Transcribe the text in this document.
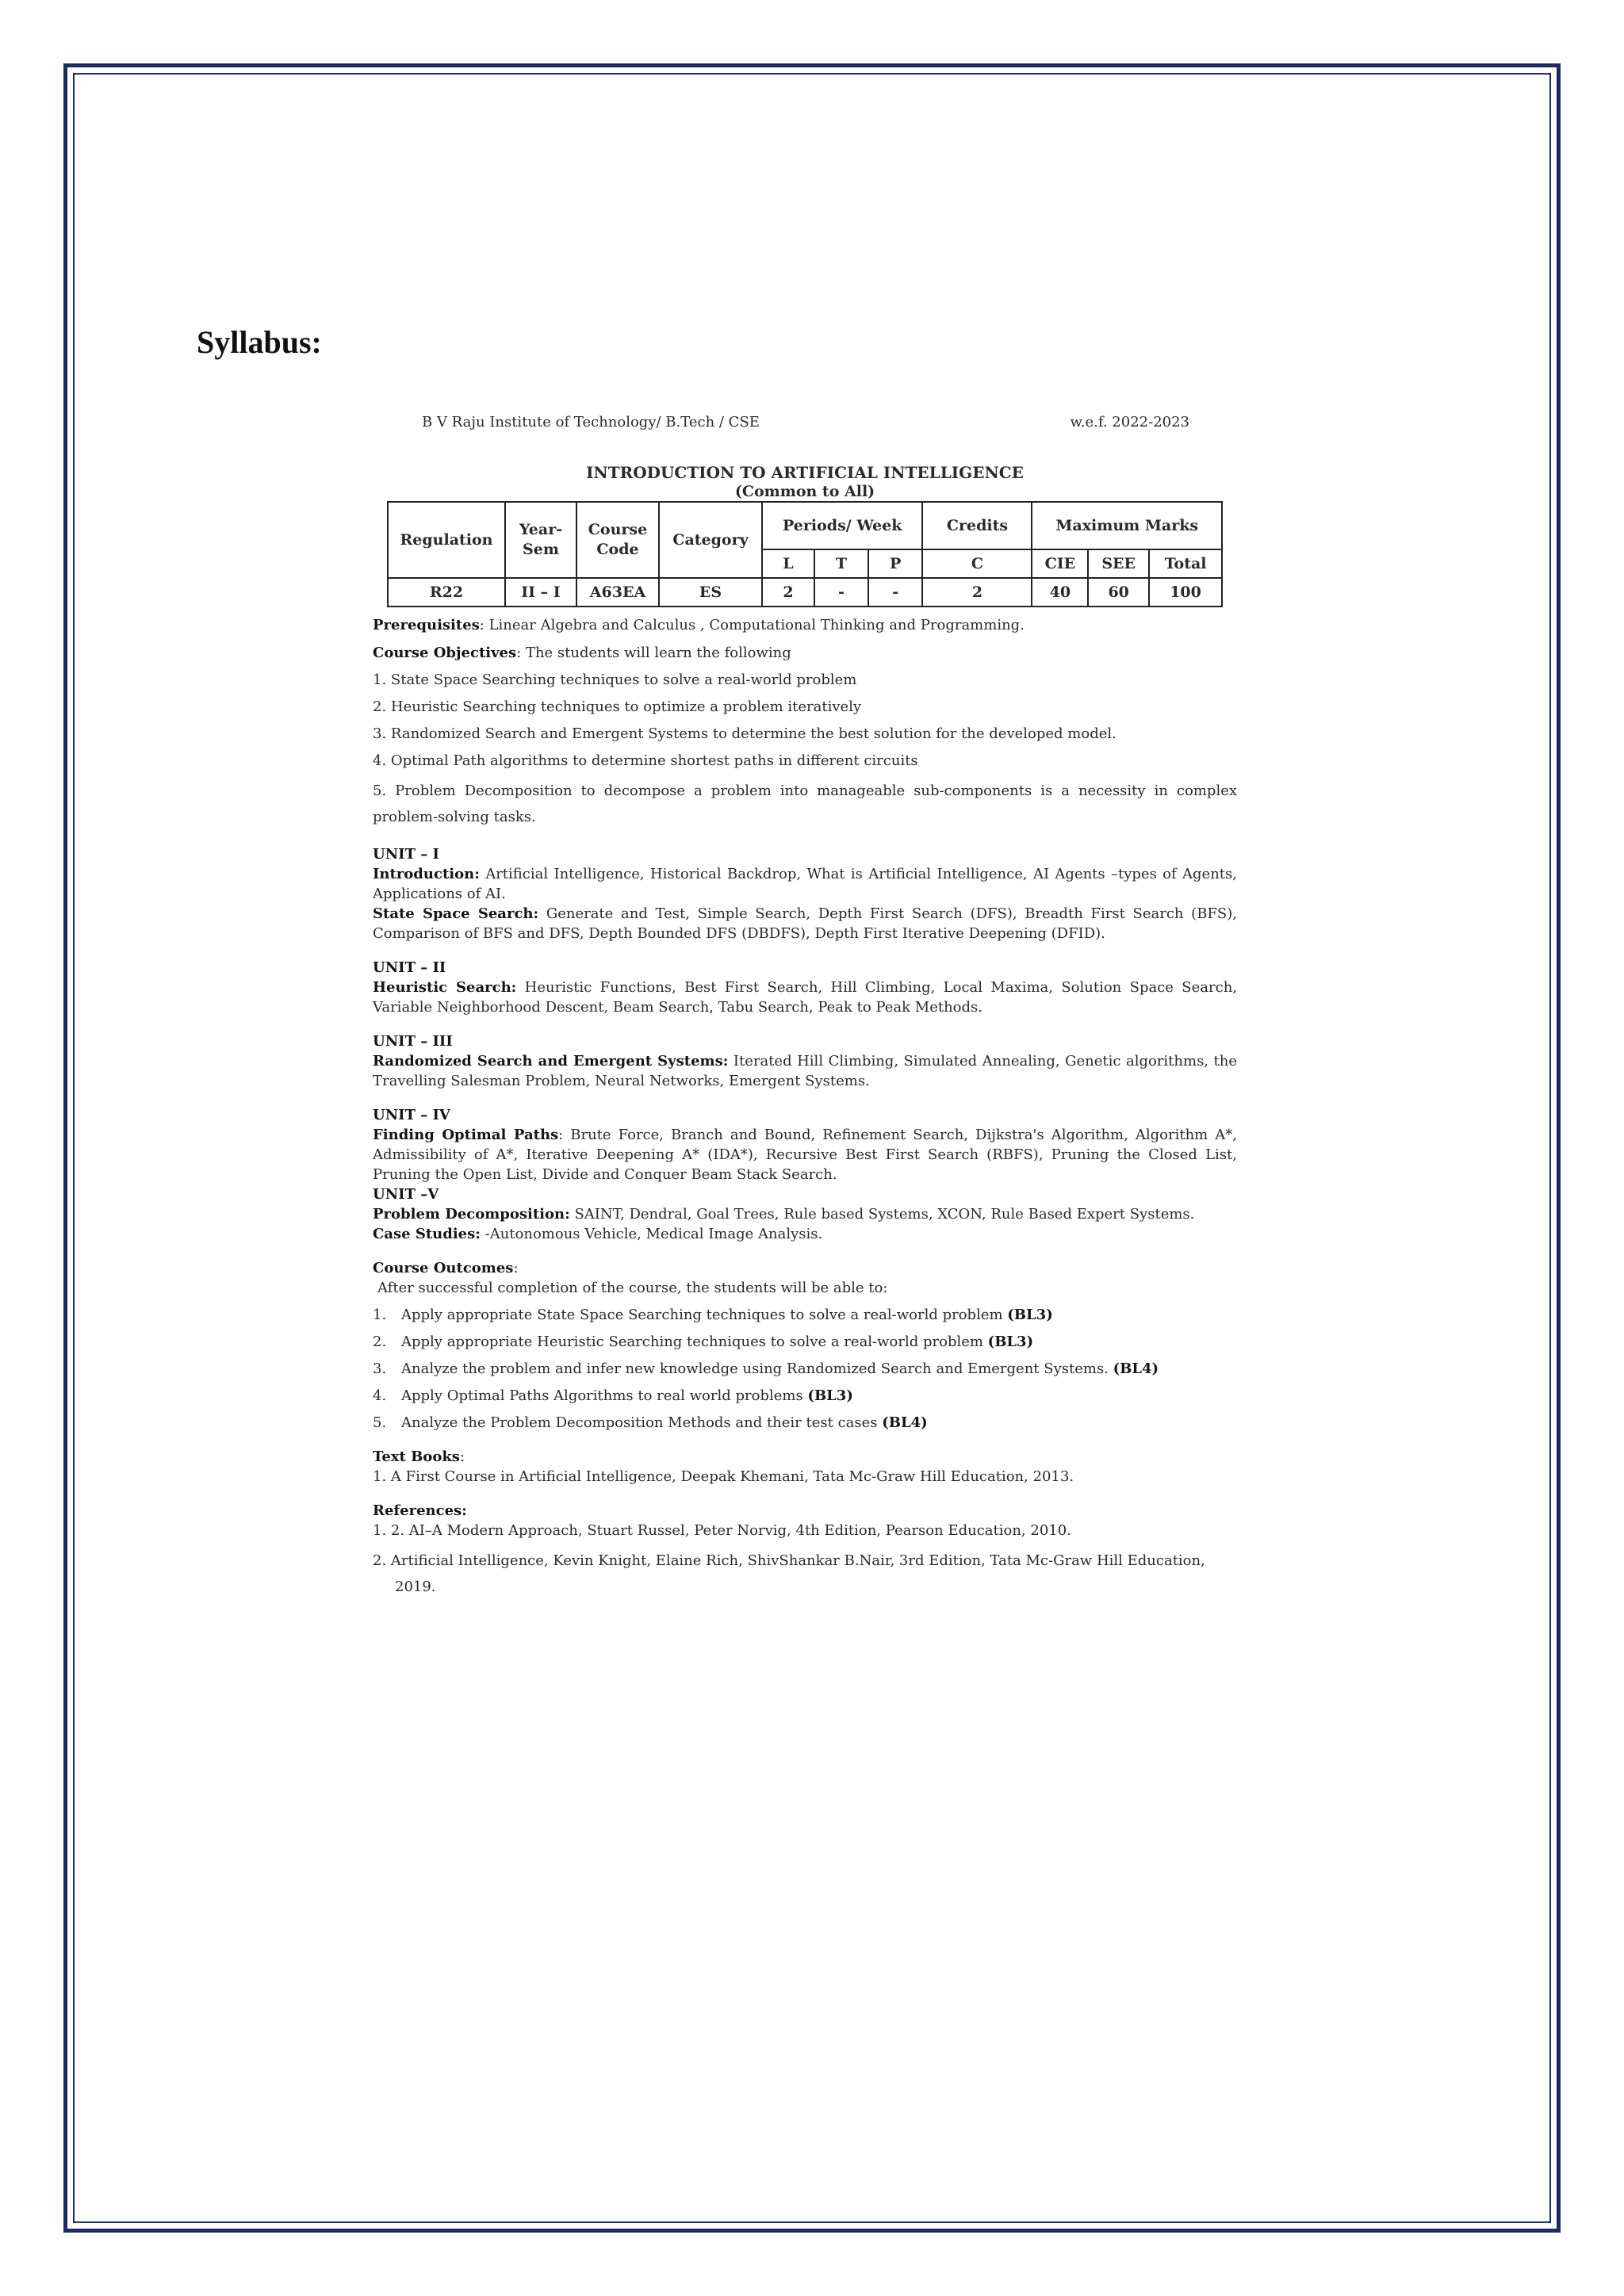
Syllabus:
B V Raju Institute of Technology/ B.Tech / CSE	w.e.f. 2022-2023
INTRODUCTION TO ARTIFICIAL INTELLIGENCE
(Common to All)
Regulation	Year-Sem	Course Code	Category	Periods/ Week			Credits	Maximum Marks		
				L	T	P	C	CIE	SEE	Total
R22	II – I	A63EA	ES	2	-	-	2	40	60	100

Prerequisites: Linear Algebra and Calculus , Computational Thinking and Programming.

Course Objectives: The students will learn the following

1. State Space Searching techniques to solve a real-world problem

2. Heuristic Searching techniques to optimize a problem iteratively

3. Randomized Search and Emergent Systems to determine the best solution for the developed model.

4. Optimal Path algorithms to determine shortest paths in different circuits

5. Problem Decomposition to decompose a problem into manageable sub-components is a necessity in complex problem-solving tasks.

UNIT – I

Introduction: Artificial Intelligence, Historical Backdrop, What is Artificial Intelligence, AI Agents –types of Agents, Applications of AI.

State Space Search: Generate and Test, Simple Search, Depth First Search (DFS), Breadth First Search (BFS), Comparison of BFS and DFS, Depth Bounded DFS (DBDFS), Depth First Iterative Deepening (DFID).

UNIT – II

Heuristic Search: Heuristic Functions, Best First Search, Hill Climbing, Local Maxima, Solution Space Search, Variable Neighborhood Descent, Beam Search, Tabu Search, Peak to Peak Methods.

UNIT – III

Randomized Search and Emergent Systems: Iterated Hill Climbing, Simulated Annealing, Genetic algorithms, the Travelling Salesman Problem, Neural Networks, Emergent Systems.

UNIT – IV

Finding Optimal Paths: Brute Force, Branch and Bound, Refinement Search, Dijkstra's Algorithm, Algorithm A*, Admissibility of A*, Iterative Deepening A* (IDA*), Recursive Best First Search (RBFS), Pruning the Closed List, Pruning the Open List, Divide and Conquer Beam Stack Search.

UNIT –V

Problem Decomposition: SAINT, Dendral, Goal Trees, Rule based Systems, XCON, Rule Based Expert Systems.

Case Studies: -Autonomous Vehicle, Medical Image Analysis.

Course Outcomes:

After successful completion of the course, the students will be able to:

1. Apply appropriate State Space Searching techniques to solve a real-world problem (BL3)

2. Apply appropriate Heuristic Searching techniques to solve a real-world problem (BL3)

3. Analyze the problem and infer new knowledge using Randomized Search and Emergent Systems. (BL4)

4. Apply Optimal Paths Algorithms to real world problems (BL3)

5. Analyze the Problem Decomposition Methods and their test cases (BL4)

Text Books:

1. A First Course in Artificial Intelligence, Deepak Khemani, Tata Mc-Graw Hill Education, 2013.

References:

1. 2. AI–A Modern Approach, Stuart Russel, Peter Norvig, 4th Edition, Pearson Education, 2010.

2. Artificial Intelligence, Kevin Knight, Elaine Rich, ShivShankar B.Nair, 3rd Edition, Tata Mc-Graw Hill Education, 2019.
